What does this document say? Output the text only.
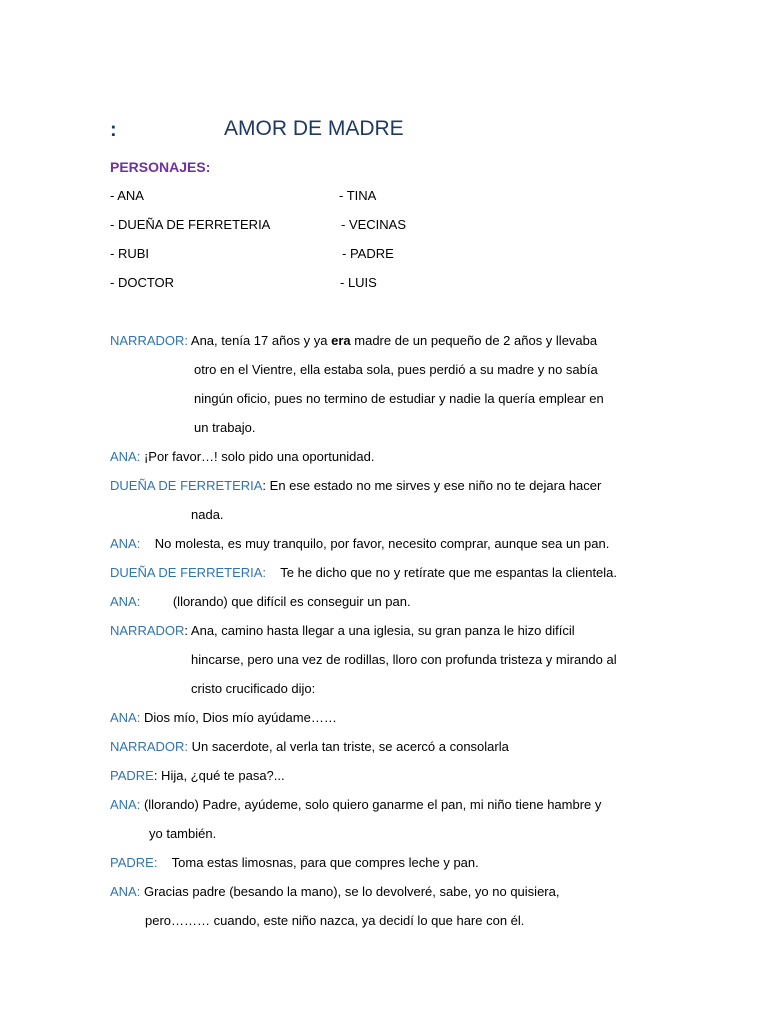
:	AMOR DE MADRE
PERSONAJES:
- ANA
- DUEÑA DE FERRETERIA
- RUBI
- DOCTOR
- TINA
- VECINAS
- PADRE
- LUIS
NARRADOR: Ana, tenía 17 años y ya era madre de un pequeño de 2 años y llevaba
otro en el Vientre, ella estaba sola, pues perdió a su madre y no sabía
ningún oficio, pues no termino de estudiar y nadie la quería emplear en
un trabajo.
ANA: ¡Por favor…! solo pido una oportunidad.
DUEÑA DE FERRETERIA: En ese estado no me sirves y ese niño no te dejara hacer
nada.
ANA:    No molesta, es muy tranquilo, por favor, necesito comprar, aunque sea un pan.
DUEÑA DE FERRETERIA:    Te he dicho que no y retírate que me espantas la clientela.
ANA:         (llorando) que difícil es conseguir un pan.
NARRADOR: Ana, camino hasta llegar a una iglesia, su gran panza le hizo difícil
hincarse, pero una vez de rodillas, lloro con profunda tristeza y mirando al
cristo crucificado dijo:
ANA: Dios mío, Dios mío ayúdame……
NARRADOR: Un sacerdote, al verla tan triste, se acercó a consolarla
PADRE: Hija, ¿qué te pasa?...
ANA: (llorando) Padre, ayúdeme, solo quiero ganarme el pan, mi niño tiene hambre y
yo también.
PADRE:    Toma estas limosnas, para que compres leche y pan.
ANA: Gracias padre (besando la mano), se lo devolveré, sabe, yo no quisiera,
pero……… cuando, este niño nazca, ya decidí lo que hare con él.
